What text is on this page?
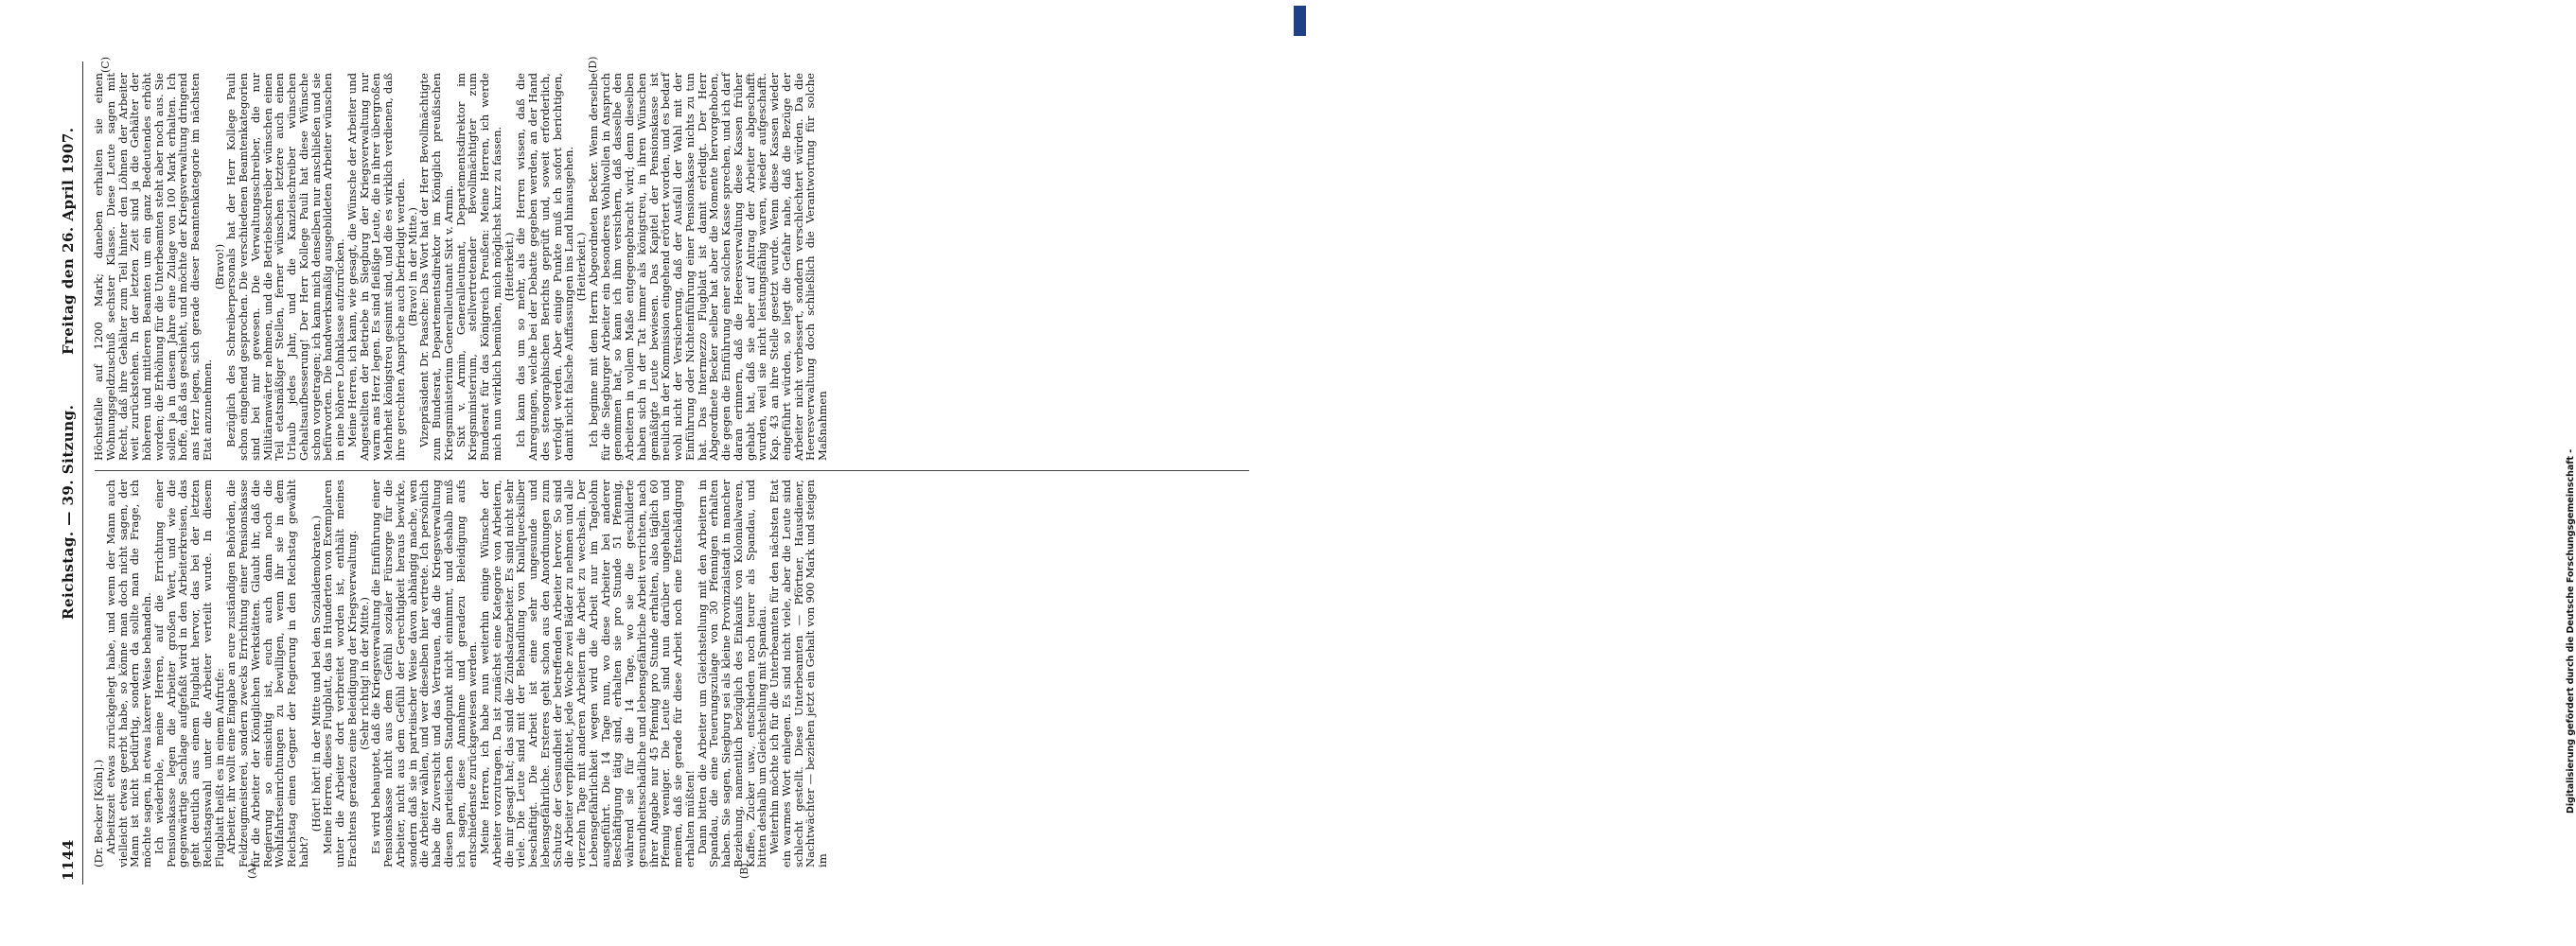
1144
Reichstag. — 39. Sitzung.
Freitag den 26. April 1907.
(A)	(B)
(C)	(D)

(Dr. Becker [Köln].)

Arbeitszeit etwas zurückgelegt habe, und wenn der Mann auch vielleicht etwas geerbt habe, so könne man doch nicht sagen, der Mann ist nicht bedürftig, sondern da sollte man die Frage, ich möchte sagen, in etwas laxerer Weise behandeln.

Ich wiederhole, meine Herren, auf die Errichtung einer Pensionskasse legen die Arbeiter großen Wert, und wie die gegenwärtige Sachlage aufgefaßt wird in den Arbeiterkreisen, das geht deutlich aus einem Flugblatt hervor, das bei der letzten Reichstagswahl unter die Arbeiter verteilt wurde. In diesem Flugblatt heißt es in einem Aufrufe:

Arbeiter, ihr wollt eine Eingabe an eure zuständigen Behörden, die Feldzeugmeisterei, sondern zwecks Errichtung einer Pensionskasse für die Arbeiter der Königlichen Werkstätten. Glaubt ihr, daß die Regierung so einsichtig ist, euch auch dann noch die Wohlfahrtseinrichtungen zu bewilligen, wenn ihr sie in dem Reichstag einen Gegner der Regierung in den Reichstag gewählt habt?

(Hört! hört! in der Mitte und bei den Sozialdemokraten.)

Meine Herren, dieses Flugblatt, das in Hunderten von Exemplaren unter die Arbeiter dort verbreitet worden ist, enthält meines Erachtens geradezu eine Beleidigung der Kriegsverwaltung.

(Sehr richtig! in der Mitte.)

Es wird behauptet, daß die Kriegsverwaltung die Einführung einer Pensionskasse nicht aus dem Gefühl sozialer Fürsorge für die Arbeiter, nicht aus dem Gefühl der Gerechtigkeit heraus bewirke, sondern daß sie in parteiischer Weise davon abhängig mache, wen die Arbeiter wählen, und wer dieselben hier vertrete. Ich persönlich habe die Zuversicht und das Vertrauen, daß die Kriegsverwaltung diesen parteiischen Standpunkt nicht einnimmt, und deshalb muß ich sagen, diese Annahme und geradezu Beleidigung aufs entschiedenste zurückgewiesen werden.

Meine Herren, ich habe nun weiterhin einige Wünsche der Arbeiter vorzutragen. Da ist zunächst eine Kategorie von Arbeitern, die mir gesagt hat; das sind die Zündsatzarbeiter. Es sind nicht sehr viele. Die Leute sind mit der Behandlung von Knallquecksilber beschäftigt. Die Arbeit ist eine sehr ungesunde und lebensgefährliche. Ersteres geht schon aus den Anordnungen zum Schutze der Gesundheit der betreffenden Arbeiter hervor. So sind die Arbeiter verpflichtet, jede Woche zwei Bäder zu nehmen und alle vierzehn Tage mit anderen Arbeitern die Arbeit zu wechseln. Der Lebensgefährlichkeit wegen wird die Arbeit nur im Tagelohn ausgeführt. Die 14 Tage nun, wo diese Arbeiter bei anderer Beschäftigung tätig sind, erhalten sie pro Stunde 51 Pfennig, während sie für die 14 Tage, wo sie die geschilderte gesundheitsschädliche und lebensgefährliche Arbeit verrichten, nach ihrer Angabe nur 45 Pfennig pro Stunde erhalten, also täglich 60 Pfennig weniger. Die Leute sind nun darüber ungehalten und meinen, daß sie gerade für diese Arbeit noch eine Entschädigung erhalten müßten!

Dann bitten die Arbeiter um Gleichstellung mit den Arbeitern in Spandau, die eine Teuerungszulage von 30 Pfennigen erhalten haben. Sie sagen, Siegburg sei als kleine Provinzialstadt in mancher Beziehung, namentlich bezüglich des Einkaufs von Kolonialwaren, Kaffee, Zucker usw., entschieden noch teurer als Spandau, und bitten deshalb um Gleichstellung mit Spandau.

Weiterhin möchte ich für die Unterbeamten für den nächsten Etat ein warmes Wort einlegen. Es sind nicht viele, aber die Leute sind schlecht gestellt. Diese Unterbeamten — Pförtner, Hausdiener, Nachtwächter — beziehen jetzt ein Gehalt von 900 Mark und steigen im

Höchstfalle auf 1200 Mark; daneben erhalten sie einen Wohnungsgeldzuschuß sechster Klasse. Diese Leute sagen mit Recht, daß ihre Gehälter zum Teil hinter den Löhnen der Arbeiter weit zurückstehen. In der letzten Zeit sind ja die Gehälter der höheren und mittleren Beamten um ein ganz Bedeutendes erhöht worden; die Erhöhung für die Unterbeamten steht aber noch aus. Sie sollen ja in diesem Jahre eine Zulage von 100 Mark erhalten. Ich hoffe, daß das geschieht, und möchte der Kriegsverwaltung dringend ans Herz legen, sich gerade dieser Beamtenkategorie im nächsten Etat anzunehmen.

(Bravo!)

Bezüglich des Schreiberpersonals hat der Herr Kollege Pauli schon eingehend gesprochen. Die verschiedenen Beamtenkategorien sind bei mir gewesen. Die Verwaltungsschreiber, die nur Militäranwärter nehmen, und die Betriebsschreiber wünschen einen Teil etatsmäßiger Stellen, ferner wünschen letztere auch einen Urlaub jedes Jahr, und die Kanzleischreiber wünschen Gehaltsaufbesserung! Der Herr Kollege Pauli hat diese Wünsche schon vorgetragen; ich kann mich denselben nur anschließen und sie befürworten. Die handwerksmäßig ausgebildeten Arbeiter wünschen in eine höhere Lohnklasse aufzurücken.

Meine Herren, ich kann, wie gesagt, die Wünsche der Arbeiter und Angestellten der Betriebe in Siegburg der Kriegsverwaltung nur warm ans Herz legen. Es sind fleißige Leute, die in ihrer übergroßen Mehrheit königstreu gesinnt sind, und die es wirklich verdienen, daß ihre gerechten Ansprüche auch befriedigt werden.

(Bravo! in der Mitte.)

Vizepräsident Dr. Paasche: Das Wort hat der Herr Bevollmächtigte zum Bundesrat, Departementsdirektor im Königlich preußischen Kriegsministerium Generalleutnant Sixt v. Armin.

Sixt v. Armin, Generalleutnant, Departementsdirektor im Kriegsministerium, stellvertretender Bevollmächtigter zum Bundesrat für das Königreich Preußen: Meine Herren, ich werde mich nun wirklich bemühen, mich möglichst kurz zu fassen.

(Heiterkeit.)

Ich kann das um so mehr, als die Herren wissen, daß die Anregungen, welche bei der Debatte gegeben werden, an der Hand des stenographischen Berichts geprüft und, soweit erforderlich, verfolgt werden. Aber einige Punkte muß ich sofort berichtigen, damit nicht falsche Auffassungen ins Land hinausgehen.

(Heiterkeit.)

Ich beginne mit dem Herrn Abgeordneten Becker. Wenn derselbe für die Siegburger Arbeiter ein besonderes Wohlwollen in Anspruch genommen hat, so kann ich ihm versichern, daß dasselbe den Arbeitern in vollem Maße entgegengebracht wird; denn dieselben haben sich in der Tat immer als königstreu, in ihren Wünschen gemäßigte Leute bewiesen. Das Kapitel der Pensionskasse ist neulich in der Kommission eingehend erörtert worden, und es bedarf wohl nicht der Versicherung, daß der Ausfall der Wahl mit der Einführung oder Nichteinführung einer Pensionskasse nichts zu tun hat. Das Intermezzo Flugblatt ist damit erledigt. Der Herr Abgeordnete Becker selber hat aber die Momente hervorgehoben, die gegen die Einführung einer solchen Kasse sprechen, und ich darf daran erinnern, daß die Heeresverwaltung diese Kassen früher gehabt hat, daß sie aber auf Antrag der Arbeiter abgeschafft wurden, weil sie nicht leistungsfähig waren, wieder aufgeschafft. Kap. 43 an ihre Stelle gesetzt wurde. Wenn diese Kassen wieder eingeführt würden, so liegt die Gefahr nahe, daß die Bezüge der Arbeiter nicht verbessert, sondern verschlechtert würden. Da die Heeresverwaltung doch schließlich die Verantwortung für solche Maßnahmen

Digitalisierung gefördert durch die Deutsche Forschungsgemeinschaft -
DFG
